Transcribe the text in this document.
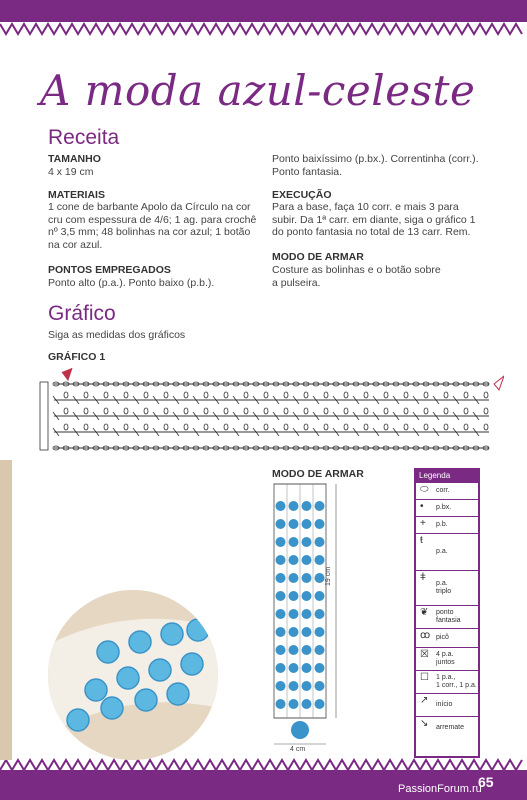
A moda azul-celeste
Receita
TAMANHO
4 x 19 cm
MATERIAIS
1 cone de barbante Apolo da Círculo na cor
cru com espessura de 4/6; 1 ag. para crochê
nº 3,5 mm; 48 bolinhas na cor azul; 1 botão
na cor azul.
PONTOS EMPREGADOS
Ponto alto (p.a.). Ponto baixo (p.b.).
Ponto baixíssimo (p.bx.). Correntinha (corr.).
Ponto fantasia.
EXECUÇÃO
Para a base, faça 10 corr. e mais 3 para
subir. Da 1ª carr. em diante, siga o gráfico 1
do ponto fantasia no total de 13 carr. Rem.
MODO DE ARMAR
Costure as bolinhas e o botão sobre
a pulseira.
Gráfico
Siga as medidas dos gráficos
GRÁFICO 1
MODO DE ARMAR
19 cm
4 cm
Legenda
⬭ corr.
• p.bx.
+ p.b.
ŧ
p.a.
ǂ
p.a.
triplo
❦ ponto
fantasia
ꝏ picô
☒ 4 p.a.
juntos
☐ 1 p.a.,
1 corr., 1 p.a.
↗ início
↘ arremate
65
PassionForum.ru
